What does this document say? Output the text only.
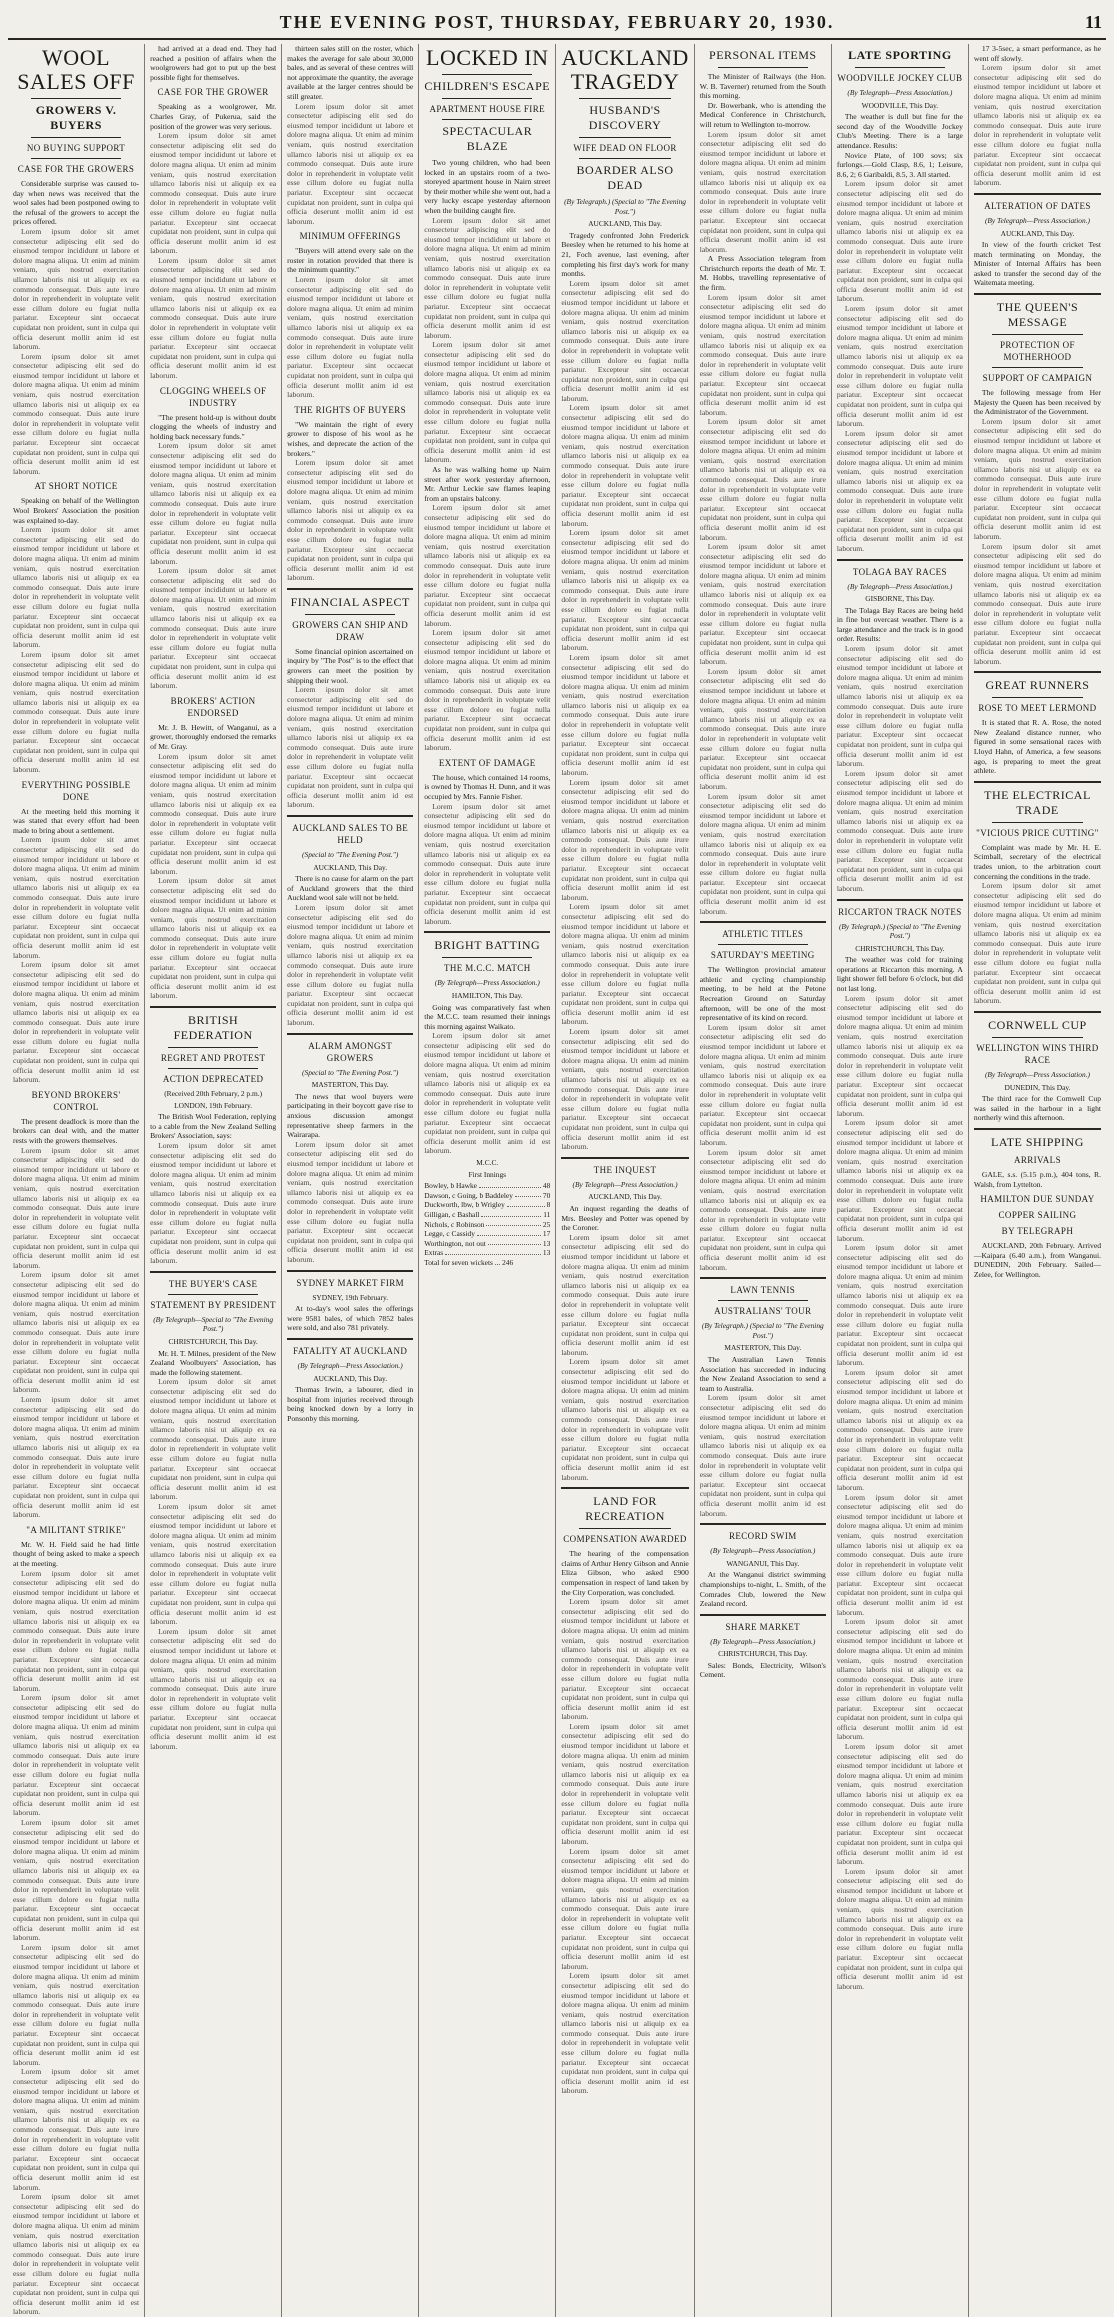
THE EVENING POST, THURSDAY, FEBRUARY 20, 1930.	11
WOOL SALES OFF
GROWERS V. BUYERS
NO BUYING SUPPORT
CASE FOR THE GROWERS

Considerable surprise was caused to-day when news was received that the wool sales had been postponed owing to the refusal of the growers to accept the prices offered.

Lorem ipsum dolor sit amet consectetur adipiscing elit sed do eiusmod tempor incididunt ut labore et dolore magna aliqua. Ut enim ad minim veniam, quis nostrud exercitation ullamco laboris nisi ut aliquip ex ea commodo consequat. Duis aute irure dolor in reprehenderit in voluptate velit esse cillum dolore eu fugiat nulla pariatur. Excepteur sint occaecat cupidatat non proident, sunt in culpa qui officia deserunt mollit anim id est laborum.

Lorem ipsum dolor sit amet consectetur adipiscing elit sed do eiusmod tempor incididunt ut labore et dolore magna aliqua. Ut enim ad minim veniam, quis nostrud exercitation ullamco laboris nisi ut aliquip ex ea commodo consequat. Duis aute irure dolor in reprehenderit in voluptate velit esse cillum dolore eu fugiat nulla pariatur. Excepteur sint occaecat cupidatat non proident, sunt in culpa qui officia deserunt mollit anim id est laborum.

AT SHORT NOTICE

Speaking on behalf of the Wellington Wool Brokers' Association the position was explained to-day.

Lorem ipsum dolor sit amet consectetur adipiscing elit sed do eiusmod tempor incididunt ut labore et dolore magna aliqua. Ut enim ad minim veniam, quis nostrud exercitation ullamco laboris nisi ut aliquip ex ea commodo consequat. Duis aute irure dolor in reprehenderit in voluptate velit esse cillum dolore eu fugiat nulla pariatur. Excepteur sint occaecat cupidatat non proident, sunt in culpa qui officia deserunt mollit anim id est laborum.

Lorem ipsum dolor sit amet consectetur adipiscing elit sed do eiusmod tempor incididunt ut labore et dolore magna aliqua. Ut enim ad minim veniam, quis nostrud exercitation ullamco laboris nisi ut aliquip ex ea commodo consequat. Duis aute irure dolor in reprehenderit in voluptate velit esse cillum dolore eu fugiat nulla pariatur. Excepteur sint occaecat cupidatat non proident, sunt in culpa qui officia deserunt mollit anim id est laborum.

EVERYTHING POSSIBLE DONE

At the meeting held this morning it was stated that every effort had been made to bring about a settlement.

Lorem ipsum dolor sit amet consectetur adipiscing elit sed do eiusmod tempor incididunt ut labore et dolore magna aliqua. Ut enim ad minim veniam, quis nostrud exercitation ullamco laboris nisi ut aliquip ex ea commodo consequat. Duis aute irure dolor in reprehenderit in voluptate velit esse cillum dolore eu fugiat nulla pariatur. Excepteur sint occaecat cupidatat non proident, sunt in culpa qui officia deserunt mollit anim id est laborum.

Lorem ipsum dolor sit amet consectetur adipiscing elit sed do eiusmod tempor incididunt ut labore et dolore magna aliqua. Ut enim ad minim veniam, quis nostrud exercitation ullamco laboris nisi ut aliquip ex ea commodo consequat. Duis aute irure dolor in reprehenderit in voluptate velit esse cillum dolore eu fugiat nulla pariatur. Excepteur sint occaecat cupidatat non proident, sunt in culpa qui officia deserunt mollit anim id est laborum.

BEYOND BROKERS' CONTROL

The present deadlock is more than the brokers can deal with, and the matter rests with the growers themselves.

Lorem ipsum dolor sit amet consectetur adipiscing elit sed do eiusmod tempor incididunt ut labore et dolore magna aliqua. Ut enim ad minim veniam, quis nostrud exercitation ullamco laboris nisi ut aliquip ex ea commodo consequat. Duis aute irure dolor in reprehenderit in voluptate velit esse cillum dolore eu fugiat nulla pariatur. Excepteur sint occaecat cupidatat non proident, sunt in culpa qui officia deserunt mollit anim id est laborum.

Lorem ipsum dolor sit amet consectetur adipiscing elit sed do eiusmod tempor incididunt ut labore et dolore magna aliqua. Ut enim ad minim veniam, quis nostrud exercitation ullamco laboris nisi ut aliquip ex ea commodo consequat. Duis aute irure dolor in reprehenderit in voluptate velit esse cillum dolore eu fugiat nulla pariatur. Excepteur sint occaecat cupidatat non proident, sunt in culpa qui officia deserunt mollit anim id est laborum.

Lorem ipsum dolor sit amet consectetur adipiscing elit sed do eiusmod tempor incididunt ut labore et dolore magna aliqua. Ut enim ad minim veniam, quis nostrud exercitation ullamco laboris nisi ut aliquip ex ea commodo consequat. Duis aute irure dolor in reprehenderit in voluptate velit esse cillum dolore eu fugiat nulla pariatur. Excepteur sint occaecat cupidatat non proident, sunt in culpa qui officia deserunt mollit anim id est laborum.

"A MILITANT STRIKE"

Mr. W. H. Field said he had little thought of being asked to make a speech at the meeting.

Lorem ipsum dolor sit amet consectetur adipiscing elit sed do eiusmod tempor incididunt ut labore et dolore magna aliqua. Ut enim ad minim veniam, quis nostrud exercitation ullamco laboris nisi ut aliquip ex ea commodo consequat. Duis aute irure dolor in reprehenderit in voluptate velit esse cillum dolore eu fugiat nulla pariatur. Excepteur sint occaecat cupidatat non proident, sunt in culpa qui officia deserunt mollit anim id est laborum.

Lorem ipsum dolor sit amet consectetur adipiscing elit sed do eiusmod tempor incididunt ut labore et dolore magna aliqua. Ut enim ad minim veniam, quis nostrud exercitation ullamco laboris nisi ut aliquip ex ea commodo consequat. Duis aute irure dolor in reprehenderit in voluptate velit esse cillum dolore eu fugiat nulla pariatur. Excepteur sint occaecat cupidatat non proident, sunt in culpa qui officia deserunt mollit anim id est laborum.

Lorem ipsum dolor sit amet consectetur adipiscing elit sed do eiusmod tempor incididunt ut labore et dolore magna aliqua. Ut enim ad minim veniam, quis nostrud exercitation ullamco laboris nisi ut aliquip ex ea commodo consequat. Duis aute irure dolor in reprehenderit in voluptate velit esse cillum dolore eu fugiat nulla pariatur. Excepteur sint occaecat cupidatat non proident, sunt in culpa qui officia deserunt mollit anim id est laborum.

Lorem ipsum dolor sit amet consectetur adipiscing elit sed do eiusmod tempor incididunt ut labore et dolore magna aliqua. Ut enim ad minim veniam, quis nostrud exercitation ullamco laboris nisi ut aliquip ex ea commodo consequat. Duis aute irure dolor in reprehenderit in voluptate velit esse cillum dolore eu fugiat nulla pariatur. Excepteur sint occaecat cupidatat non proident, sunt in culpa qui officia deserunt mollit anim id est laborum.

Lorem ipsum dolor sit amet consectetur adipiscing elit sed do eiusmod tempor incididunt ut labore et dolore magna aliqua. Ut enim ad minim veniam, quis nostrud exercitation ullamco laboris nisi ut aliquip ex ea commodo consequat. Duis aute irure dolor in reprehenderit in voluptate velit esse cillum dolore eu fugiat nulla pariatur. Excepteur sint occaecat cupidatat non proident, sunt in culpa qui officia deserunt mollit anim id est laborum.

Lorem ipsum dolor sit amet consectetur adipiscing elit sed do eiusmod tempor incididunt ut labore et dolore magna aliqua. Ut enim ad minim veniam, quis nostrud exercitation ullamco laboris nisi ut aliquip ex ea commodo consequat. Duis aute irure dolor in reprehenderit in voluptate velit esse cillum dolore eu fugiat nulla pariatur. Excepteur sint occaecat cupidatat non proident, sunt in culpa qui officia deserunt mollit anim id est laborum.

had arrived at a dead end. They had reached a position of affairs when the woolgrowers had got to put up the best possible fight for themselves.

CASE FOR THE GROWER

Speaking as a woolgrower, Mr. Charles Gray, of Pukerua, said the position of the grower was very serious.

Lorem ipsum dolor sit amet consectetur adipiscing elit sed do eiusmod tempor incididunt ut labore et dolore magna aliqua. Ut enim ad minim veniam, quis nostrud exercitation ullamco laboris nisi ut aliquip ex ea commodo consequat. Duis aute irure dolor in reprehenderit in voluptate velit esse cillum dolore eu fugiat nulla pariatur. Excepteur sint occaecat cupidatat non proident, sunt in culpa qui officia deserunt mollit anim id est laborum.

Lorem ipsum dolor sit amet consectetur adipiscing elit sed do eiusmod tempor incididunt ut labore et dolore magna aliqua. Ut enim ad minim veniam, quis nostrud exercitation ullamco laboris nisi ut aliquip ex ea commodo consequat. Duis aute irure dolor in reprehenderit in voluptate velit esse cillum dolore eu fugiat nulla pariatur. Excepteur sint occaecat cupidatat non proident, sunt in culpa qui officia deserunt mollit anim id est laborum.

CLOGGING WHEELS OF INDUSTRY

"The present hold-up is without doubt clogging the wheels of industry and holding back necessary funds."

Lorem ipsum dolor sit amet consectetur adipiscing elit sed do eiusmod tempor incididunt ut labore et dolore magna aliqua. Ut enim ad minim veniam, quis nostrud exercitation ullamco laboris nisi ut aliquip ex ea commodo consequat. Duis aute irure dolor in reprehenderit in voluptate velit esse cillum dolore eu fugiat nulla pariatur. Excepteur sint occaecat cupidatat non proident, sunt in culpa qui officia deserunt mollit anim id est laborum.

Lorem ipsum dolor sit amet consectetur adipiscing elit sed do eiusmod tempor incididunt ut labore et dolore magna aliqua. Ut enim ad minim veniam, quis nostrud exercitation ullamco laboris nisi ut aliquip ex ea commodo consequat. Duis aute irure dolor in reprehenderit in voluptate velit esse cillum dolore eu fugiat nulla pariatur. Excepteur sint occaecat cupidatat non proident, sunt in culpa qui officia deserunt mollit anim id est laborum.

BROKERS' ACTION ENDORSED

Mr. J. B. Hewitt, of Wanganui, as a grower, thoroughly endorsed the remarks of Mr. Gray.

Lorem ipsum dolor sit amet consectetur adipiscing elit sed do eiusmod tempor incididunt ut labore et dolore magna aliqua. Ut enim ad minim veniam, quis nostrud exercitation ullamco laboris nisi ut aliquip ex ea commodo consequat. Duis aute irure dolor in reprehenderit in voluptate velit esse cillum dolore eu fugiat nulla pariatur. Excepteur sint occaecat cupidatat non proident, sunt in culpa qui officia deserunt mollit anim id est laborum.

Lorem ipsum dolor sit amet consectetur adipiscing elit sed do eiusmod tempor incididunt ut labore et dolore magna aliqua. Ut enim ad minim veniam, quis nostrud exercitation ullamco laboris nisi ut aliquip ex ea commodo consequat. Duis aute irure dolor in reprehenderit in voluptate velit esse cillum dolore eu fugiat nulla pariatur. Excepteur sint occaecat cupidatat non proident, sunt in culpa qui officia deserunt mollit anim id est laborum.

BRITISH FEDERATION
REGRET AND PROTEST
ACTION DEPRECATED
(Received 20th February, 2 p.m.)
LONDON, 19th February.

The British Wool Federation, replying to a cable from the New Zealand Selling Brokers' Association, says:

Lorem ipsum dolor sit amet consectetur adipiscing elit sed do eiusmod tempor incididunt ut labore et dolore magna aliqua. Ut enim ad minim veniam, quis nostrud exercitation ullamco laboris nisi ut aliquip ex ea commodo consequat. Duis aute irure dolor in reprehenderit in voluptate velit esse cillum dolore eu fugiat nulla pariatur. Excepteur sint occaecat cupidatat non proident, sunt in culpa qui officia deserunt mollit anim id est laborum.

THE BUYER'S CASE
STATEMENT BY PRESIDENT
(By Telegraph—Special to "The Evening Post.")
CHRISTCHURCH, This Day.

Mr. H. T. Milnes, president of the New Zealand Woolbuyers' Association, has made the following statement.

Lorem ipsum dolor sit amet consectetur adipiscing elit sed do eiusmod tempor incididunt ut labore et dolore magna aliqua. Ut enim ad minim veniam, quis nostrud exercitation ullamco laboris nisi ut aliquip ex ea commodo consequat. Duis aute irure dolor in reprehenderit in voluptate velit esse cillum dolore eu fugiat nulla pariatur. Excepteur sint occaecat cupidatat non proident, sunt in culpa qui officia deserunt mollit anim id est laborum.

Lorem ipsum dolor sit amet consectetur adipiscing elit sed do eiusmod tempor incididunt ut labore et dolore magna aliqua. Ut enim ad minim veniam, quis nostrud exercitation ullamco laboris nisi ut aliquip ex ea commodo consequat. Duis aute irure dolor in reprehenderit in voluptate velit esse cillum dolore eu fugiat nulla pariatur. Excepteur sint occaecat cupidatat non proident, sunt in culpa qui officia deserunt mollit anim id est laborum.

Lorem ipsum dolor sit amet consectetur adipiscing elit sed do eiusmod tempor incididunt ut labore et dolore magna aliqua. Ut enim ad minim veniam, quis nostrud exercitation ullamco laboris nisi ut aliquip ex ea commodo consequat. Duis aute irure dolor in reprehenderit in voluptate velit esse cillum dolore eu fugiat nulla pariatur. Excepteur sint occaecat cupidatat non proident, sunt in culpa qui officia deserunt mollit anim id est laborum.

thirteen sales still on the roster, which makes the average for sale about 30,000 bales, and as several of these centres will not approximate the quantity, the average available at the larger centres should be still greater.

Lorem ipsum dolor sit amet consectetur adipiscing elit sed do eiusmod tempor incididunt ut labore et dolore magna aliqua. Ut enim ad minim veniam, quis nostrud exercitation ullamco laboris nisi ut aliquip ex ea commodo consequat. Duis aute irure dolor in reprehenderit in voluptate velit esse cillum dolore eu fugiat nulla pariatur. Excepteur sint occaecat cupidatat non proident, sunt in culpa qui officia deserunt mollit anim id est laborum.

MINIMUM OFFERINGS

"Buyers will attend every sale on the roster in rotation provided that there is the minimum quantity."

Lorem ipsum dolor sit amet consectetur adipiscing elit sed do eiusmod tempor incididunt ut labore et dolore magna aliqua. Ut enim ad minim veniam, quis nostrud exercitation ullamco laboris nisi ut aliquip ex ea commodo consequat. Duis aute irure dolor in reprehenderit in voluptate velit esse cillum dolore eu fugiat nulla pariatur. Excepteur sint occaecat cupidatat non proident, sunt in culpa qui officia deserunt mollit anim id est laborum.

THE RIGHTS OF BUYERS

"We maintain the right of every grower to dispose of his wool as he wishes, and deprecate the action of the brokers."

Lorem ipsum dolor sit amet consectetur adipiscing elit sed do eiusmod tempor incididunt ut labore et dolore magna aliqua. Ut enim ad minim veniam, quis nostrud exercitation ullamco laboris nisi ut aliquip ex ea commodo consequat. Duis aute irure dolor in reprehenderit in voluptate velit esse cillum dolore eu fugiat nulla pariatur. Excepteur sint occaecat cupidatat non proident, sunt in culpa qui officia deserunt mollit anim id est laborum.

FINANCIAL ASPECT
GROWERS CAN SHIP AND DRAW

Some financial opinion ascertained on inquiry by "The Post" is to the effect that growers can meet the position by shipping their wool.

Lorem ipsum dolor sit amet consectetur adipiscing elit sed do eiusmod tempor incididunt ut labore et dolore magna aliqua. Ut enim ad minim veniam, quis nostrud exercitation ullamco laboris nisi ut aliquip ex ea commodo consequat. Duis aute irure dolor in reprehenderit in voluptate velit esse cillum dolore eu fugiat nulla pariatur. Excepteur sint occaecat cupidatat non proident, sunt in culpa qui officia deserunt mollit anim id est laborum.

AUCKLAND SALES TO BE HELD
(Special to "The Evening Post.")
AUCKLAND, This Day.

There is no cause for alarm on the part of Auckland growers that the third Auckland wool sale will not be held.

Lorem ipsum dolor sit amet consectetur adipiscing elit sed do eiusmod tempor incididunt ut labore et dolore magna aliqua. Ut enim ad minim veniam, quis nostrud exercitation ullamco laboris nisi ut aliquip ex ea commodo consequat. Duis aute irure dolor in reprehenderit in voluptate velit esse cillum dolore eu fugiat nulla pariatur. Excepteur sint occaecat cupidatat non proident, sunt in culpa qui officia deserunt mollit anim id est laborum.

ALARM AMONGST GROWERS
(Special to "The Evening Post.")
MASTERTON, This Day.

The news that wool buyers were participating in their boycott gave rise to anxious discussion amongst representative sheep farmers in the Wairarapa.

Lorem ipsum dolor sit amet consectetur adipiscing elit sed do eiusmod tempor incididunt ut labore et dolore magna aliqua. Ut enim ad minim veniam, quis nostrud exercitation ullamco laboris nisi ut aliquip ex ea commodo consequat. Duis aute irure dolor in reprehenderit in voluptate velit esse cillum dolore eu fugiat nulla pariatur. Excepteur sint occaecat cupidatat non proident, sunt in culpa qui officia deserunt mollit anim id est laborum.

SYDNEY MARKET FIRM
SYDNEY, 19th February.

At to-day's wool sales the offerings were 9581 bales, of which 7852 bales were sold, and also 781 privately.

FATALITY AT AUCKLAND
(By Telegraph—Press Association.)
AUCKLAND, This Day.

Thomas Irwin, a labourer, died in hospital from injuries received through being knocked down by a lorry in Ponsonby this morning.

LOCKED IN
CHILDREN'S ESCAPE
APARTMENT HOUSE FIRE
SPECTACULAR BLAZE

Two young children, who had been locked in an upstairs room of a two-storeyed apartment house in Nairn street by their mother while she went out, had a very lucky escape yesterday afternoon when the building caught fire.

Lorem ipsum dolor sit amet consectetur adipiscing elit sed do eiusmod tempor incididunt ut labore et dolore magna aliqua. Ut enim ad minim veniam, quis nostrud exercitation ullamco laboris nisi ut aliquip ex ea commodo consequat. Duis aute irure dolor in reprehenderit in voluptate velit esse cillum dolore eu fugiat nulla pariatur. Excepteur sint occaecat cupidatat non proident, sunt in culpa qui officia deserunt mollit anim id est laborum.

Lorem ipsum dolor sit amet consectetur adipiscing elit sed do eiusmod tempor incididunt ut labore et dolore magna aliqua. Ut enim ad minim veniam, quis nostrud exercitation ullamco laboris nisi ut aliquip ex ea commodo consequat. Duis aute irure dolor in reprehenderit in voluptate velit esse cillum dolore eu fugiat nulla pariatur. Excepteur sint occaecat cupidatat non proident, sunt in culpa qui officia deserunt mollit anim id est laborum.

As he was walking home up Nairn street after work yesterday afternoon, Mr. Arthur Leckie saw flames leaping from an upstairs balcony.

Lorem ipsum dolor sit amet consectetur adipiscing elit sed do eiusmod tempor incididunt ut labore et dolore magna aliqua. Ut enim ad minim veniam, quis nostrud exercitation ullamco laboris nisi ut aliquip ex ea commodo consequat. Duis aute irure dolor in reprehenderit in voluptate velit esse cillum dolore eu fugiat nulla pariatur. Excepteur sint occaecat cupidatat non proident, sunt in culpa qui officia deserunt mollit anim id est laborum.

Lorem ipsum dolor sit amet consectetur adipiscing elit sed do eiusmod tempor incididunt ut labore et dolore magna aliqua. Ut enim ad minim veniam, quis nostrud exercitation ullamco laboris nisi ut aliquip ex ea commodo consequat. Duis aute irure dolor in reprehenderit in voluptate velit esse cillum dolore eu fugiat nulla pariatur. Excepteur sint occaecat cupidatat non proident, sunt in culpa qui officia deserunt mollit anim id est laborum.

EXTENT OF DAMAGE

The house, which contained 14 rooms, is owned by Thomas H. Dunn, and it was occupied by Mrs. Fannie Fisher.

Lorem ipsum dolor sit amet consectetur adipiscing elit sed do eiusmod tempor incididunt ut labore et dolore magna aliqua. Ut enim ad minim veniam, quis nostrud exercitation ullamco laboris nisi ut aliquip ex ea commodo consequat. Duis aute irure dolor in reprehenderit in voluptate velit esse cillum dolore eu fugiat nulla pariatur. Excepteur sint occaecat cupidatat non proident, sunt in culpa qui officia deserunt mollit anim id est laborum.

BRIGHT BATTING
THE M.C.C. MATCH
(By Telegraph—Press Association.)
HAMILTON, This Day.

Going was comparatively fast when the M.C.C. team resumed their innings this morning against Waikato.

Lorem ipsum dolor sit amet consectetur adipiscing elit sed do eiusmod tempor incididunt ut labore et dolore magna aliqua. Ut enim ad minim veniam, quis nostrud exercitation ullamco laboris nisi ut aliquip ex ea commodo consequat. Duis aute irure dolor in reprehenderit in voluptate velit esse cillum dolore eu fugiat nulla pariatur. Excepteur sint occaecat cupidatat non proident, sunt in culpa qui officia deserunt mollit anim id est laborum.

M.C.C.
First Innings
Bowley, b Hawke	48
Dawson, c Going, b Baddeley	70
Duckworth, lbw, b Wrigley	8
Gilligan, c Bashall	11
Nichols, c Robinson	25
Legge, c Cassidy	17
Worthington, not out	13
Extras	13
Total for seven wickets ... 246
AUCKLAND TRAGEDY
HUSBAND'S DISCOVERY
WIFE DEAD ON FLOOR
BOARDER ALSO DEAD
(By Telegraph.) (Special to "The Evening Post.")
AUCKLAND, This Day.

Tragedy confronted John Frederick Beesley when he returned to his home at 21, Foch avenue, last evening, after completing his first day's work for many months.

Lorem ipsum dolor sit amet consectetur adipiscing elit sed do eiusmod tempor incididunt ut labore et dolore magna aliqua. Ut enim ad minim veniam, quis nostrud exercitation ullamco laboris nisi ut aliquip ex ea commodo consequat. Duis aute irure dolor in reprehenderit in voluptate velit esse cillum dolore eu fugiat nulla pariatur. Excepteur sint occaecat cupidatat non proident, sunt in culpa qui officia deserunt mollit anim id est laborum.

Lorem ipsum dolor sit amet consectetur adipiscing elit sed do eiusmod tempor incididunt ut labore et dolore magna aliqua. Ut enim ad minim veniam, quis nostrud exercitation ullamco laboris nisi ut aliquip ex ea commodo consequat. Duis aute irure dolor in reprehenderit in voluptate velit esse cillum dolore eu fugiat nulla pariatur. Excepteur sint occaecat cupidatat non proident, sunt in culpa qui officia deserunt mollit anim id est laborum.

Lorem ipsum dolor sit amet consectetur adipiscing elit sed do eiusmod tempor incididunt ut labore et dolore magna aliqua. Ut enim ad minim veniam, quis nostrud exercitation ullamco laboris nisi ut aliquip ex ea commodo consequat. Duis aute irure dolor in reprehenderit in voluptate velit esse cillum dolore eu fugiat nulla pariatur. Excepteur sint occaecat cupidatat non proident, sunt in culpa qui officia deserunt mollit anim id est laborum.

Lorem ipsum dolor sit amet consectetur adipiscing elit sed do eiusmod tempor incididunt ut labore et dolore magna aliqua. Ut enim ad minim veniam, quis nostrud exercitation ullamco laboris nisi ut aliquip ex ea commodo consequat. Duis aute irure dolor in reprehenderit in voluptate velit esse cillum dolore eu fugiat nulla pariatur. Excepteur sint occaecat cupidatat non proident, sunt in culpa qui officia deserunt mollit anim id est laborum.

Lorem ipsum dolor sit amet consectetur adipiscing elit sed do eiusmod tempor incididunt ut labore et dolore magna aliqua. Ut enim ad minim veniam, quis nostrud exercitation ullamco laboris nisi ut aliquip ex ea commodo consequat. Duis aute irure dolor in reprehenderit in voluptate velit esse cillum dolore eu fugiat nulla pariatur. Excepteur sint occaecat cupidatat non proident, sunt in culpa qui officia deserunt mollit anim id est laborum.

Lorem ipsum dolor sit amet consectetur adipiscing elit sed do eiusmod tempor incididunt ut labore et dolore magna aliqua. Ut enim ad minim veniam, quis nostrud exercitation ullamco laboris nisi ut aliquip ex ea commodo consequat. Duis aute irure dolor in reprehenderit in voluptate velit esse cillum dolore eu fugiat nulla pariatur. Excepteur sint occaecat cupidatat non proident, sunt in culpa qui officia deserunt mollit anim id est laborum.

Lorem ipsum dolor sit amet consectetur adipiscing elit sed do eiusmod tempor incididunt ut labore et dolore magna aliqua. Ut enim ad minim veniam, quis nostrud exercitation ullamco laboris nisi ut aliquip ex ea commodo consequat. Duis aute irure dolor in reprehenderit in voluptate velit esse cillum dolore eu fugiat nulla pariatur. Excepteur sint occaecat cupidatat non proident, sunt in culpa qui officia deserunt mollit anim id est laborum.

THE INQUEST
(By Telegraph—Press Association.)
AUCKLAND, This Day.

An inquest regarding the deaths of Mrs. Beesley and Potter was opened by the Coroner.

Lorem ipsum dolor sit amet consectetur adipiscing elit sed do eiusmod tempor incididunt ut labore et dolore magna aliqua. Ut enim ad minim veniam, quis nostrud exercitation ullamco laboris nisi ut aliquip ex ea commodo consequat. Duis aute irure dolor in reprehenderit in voluptate velit esse cillum dolore eu fugiat nulla pariatur. Excepteur sint occaecat cupidatat non proident, sunt in culpa qui officia deserunt mollit anim id est laborum.

Lorem ipsum dolor sit amet consectetur adipiscing elit sed do eiusmod tempor incididunt ut labore et dolore magna aliqua. Ut enim ad minim veniam, quis nostrud exercitation ullamco laboris nisi ut aliquip ex ea commodo consequat. Duis aute irure dolor in reprehenderit in voluptate velit esse cillum dolore eu fugiat nulla pariatur. Excepteur sint occaecat cupidatat non proident, sunt in culpa qui officia deserunt mollit anim id est laborum.

LAND FOR RECREATION
COMPENSATION AWARDED

The hearing of the compensation claims of Arthur Henry Gibson and Annie Eliza Gibson, who asked £900 compensation in respect of land taken by the City Corporation, was concluded.

Lorem ipsum dolor sit amet consectetur adipiscing elit sed do eiusmod tempor incididunt ut labore et dolore magna aliqua. Ut enim ad minim veniam, quis nostrud exercitation ullamco laboris nisi ut aliquip ex ea commodo consequat. Duis aute irure dolor in reprehenderit in voluptate velit esse cillum dolore eu fugiat nulla pariatur. Excepteur sint occaecat cupidatat non proident, sunt in culpa qui officia deserunt mollit anim id est laborum.

Lorem ipsum dolor sit amet consectetur adipiscing elit sed do eiusmod tempor incididunt ut labore et dolore magna aliqua. Ut enim ad minim veniam, quis nostrud exercitation ullamco laboris nisi ut aliquip ex ea commodo consequat. Duis aute irure dolor in reprehenderit in voluptate velit esse cillum dolore eu fugiat nulla pariatur. Excepteur sint occaecat cupidatat non proident, sunt in culpa qui officia deserunt mollit anim id est laborum.

Lorem ipsum dolor sit amet consectetur adipiscing elit sed do eiusmod tempor incididunt ut labore et dolore magna aliqua. Ut enim ad minim veniam, quis nostrud exercitation ullamco laboris nisi ut aliquip ex ea commodo consequat. Duis aute irure dolor in reprehenderit in voluptate velit esse cillum dolore eu fugiat nulla pariatur. Excepteur sint occaecat cupidatat non proident, sunt in culpa qui officia deserunt mollit anim id est laborum.

Lorem ipsum dolor sit amet consectetur adipiscing elit sed do eiusmod tempor incididunt ut labore et dolore magna aliqua. Ut enim ad minim veniam, quis nostrud exercitation ullamco laboris nisi ut aliquip ex ea commodo consequat. Duis aute irure dolor in reprehenderit in voluptate velit esse cillum dolore eu fugiat nulla pariatur. Excepteur sint occaecat cupidatat non proident, sunt in culpa qui officia deserunt mollit anim id est laborum.

PERSONAL ITEMS

The Minister of Railways (the Hon. W. B. Taverner) returned from the South this morning.

Dr. Bowerbank, who is attending the Medical Conference in Christchurch, will return to Wellington to-morrow.

Lorem ipsum dolor sit amet consectetur adipiscing elit sed do eiusmod tempor incididunt ut labore et dolore magna aliqua. Ut enim ad minim veniam, quis nostrud exercitation ullamco laboris nisi ut aliquip ex ea commodo consequat. Duis aute irure dolor in reprehenderit in voluptate velit esse cillum dolore eu fugiat nulla pariatur. Excepteur sint occaecat cupidatat non proident, sunt in culpa qui officia deserunt mollit anim id est laborum.

A Press Association telegram from Christchurch reports the death of Mr. T. M. Hobbs, travelling representative of the firm.

Lorem ipsum dolor sit amet consectetur adipiscing elit sed do eiusmod tempor incididunt ut labore et dolore magna aliqua. Ut enim ad minim veniam, quis nostrud exercitation ullamco laboris nisi ut aliquip ex ea commodo consequat. Duis aute irure dolor in reprehenderit in voluptate velit esse cillum dolore eu fugiat nulla pariatur. Excepteur sint occaecat cupidatat non proident, sunt in culpa qui officia deserunt mollit anim id est laborum.

Lorem ipsum dolor sit amet consectetur adipiscing elit sed do eiusmod tempor incididunt ut labore et dolore magna aliqua. Ut enim ad minim veniam, quis nostrud exercitation ullamco laboris nisi ut aliquip ex ea commodo consequat. Duis aute irure dolor in reprehenderit in voluptate velit esse cillum dolore eu fugiat nulla pariatur. Excepteur sint occaecat cupidatat non proident, sunt in culpa qui officia deserunt mollit anim id est laborum.

Lorem ipsum dolor sit amet consectetur adipiscing elit sed do eiusmod tempor incididunt ut labore et dolore magna aliqua. Ut enim ad minim veniam, quis nostrud exercitation ullamco laboris nisi ut aliquip ex ea commodo consequat. Duis aute irure dolor in reprehenderit in voluptate velit esse cillum dolore eu fugiat nulla pariatur. Excepteur sint occaecat cupidatat non proident, sunt in culpa qui officia deserunt mollit anim id est laborum.

Lorem ipsum dolor sit amet consectetur adipiscing elit sed do eiusmod tempor incididunt ut labore et dolore magna aliqua. Ut enim ad minim veniam, quis nostrud exercitation ullamco laboris nisi ut aliquip ex ea commodo consequat. Duis aute irure dolor in reprehenderit in voluptate velit esse cillum dolore eu fugiat nulla pariatur. Excepteur sint occaecat cupidatat non proident, sunt in culpa qui officia deserunt mollit anim id est laborum.

Lorem ipsum dolor sit amet consectetur adipiscing elit sed do eiusmod tempor incididunt ut labore et dolore magna aliqua. Ut enim ad minim veniam, quis nostrud exercitation ullamco laboris nisi ut aliquip ex ea commodo consequat. Duis aute irure dolor in reprehenderit in voluptate velit esse cillum dolore eu fugiat nulla pariatur. Excepteur sint occaecat cupidatat non proident, sunt in culpa qui officia deserunt mollit anim id est laborum.

ATHLETIC TITLES
SATURDAY'S MEETING

The Wellington provincial amateur athletic and cycling championship meeting, to be held at the Petone Recreation Ground on Saturday afternoon, will be one of the most representative of its kind on record.

Lorem ipsum dolor sit amet consectetur adipiscing elit sed do eiusmod tempor incididunt ut labore et dolore magna aliqua. Ut enim ad minim veniam, quis nostrud exercitation ullamco laboris nisi ut aliquip ex ea commodo consequat. Duis aute irure dolor in reprehenderit in voluptate velit esse cillum dolore eu fugiat nulla pariatur. Excepteur sint occaecat cupidatat non proident, sunt in culpa qui officia deserunt mollit anim id est laborum.

Lorem ipsum dolor sit amet consectetur adipiscing elit sed do eiusmod tempor incididunt ut labore et dolore magna aliqua. Ut enim ad minim veniam, quis nostrud exercitation ullamco laboris nisi ut aliquip ex ea commodo consequat. Duis aute irure dolor in reprehenderit in voluptate velit esse cillum dolore eu fugiat nulla pariatur. Excepteur sint occaecat cupidatat non proident, sunt in culpa qui officia deserunt mollit anim id est laborum.

LAWN TENNIS
AUSTRALIANS' TOUR
(By Telegraph.) (Special to "The Evening Post.")
MASTERTON, This Day.

The Australian Lawn Tennis Association has succeeded in inducing the New Zealand Association to send a team to Australia.

Lorem ipsum dolor sit amet consectetur adipiscing elit sed do eiusmod tempor incididunt ut labore et dolore magna aliqua. Ut enim ad minim veniam, quis nostrud exercitation ullamco laboris nisi ut aliquip ex ea commodo consequat. Duis aute irure dolor in reprehenderit in voluptate velit esse cillum dolore eu fugiat nulla pariatur. Excepteur sint occaecat cupidatat non proident, sunt in culpa qui officia deserunt mollit anim id est laborum.

RECORD SWIM
(By Telegraph—Press Association.)
WANGANUI, This Day.

At the Wanganui district swimming championships to-night, L. Smith, of the Comrades Club, lowered the New Zealand record.

SHARE MARKET
(By Telegraph—Press Association.)
CHRISTCHURCH, This Day.

Sales: Bonds, Electricity, Wilson's Cement.

LATE SPORTING
WOODVILLE JOCKEY CLUB
(By Telegraph—Press Association.)
WOODVILLE, This Day.

The weather is dull but fine for the second day of the Woodville Jockey Club's Meeting. There is a large attendance. Results:

Novice Plate, of 100 sovs; six furlongs.—Gold Clasp, 8.6, 1; Leisure, 8.6, 2; 6 Garibaldi, 8.5, 3. All started.

Lorem ipsum dolor sit amet consectetur adipiscing elit sed do eiusmod tempor incididunt ut labore et dolore magna aliqua. Ut enim ad minim veniam, quis nostrud exercitation ullamco laboris nisi ut aliquip ex ea commodo consequat. Duis aute irure dolor in reprehenderit in voluptate velit esse cillum dolore eu fugiat nulla pariatur. Excepteur sint occaecat cupidatat non proident, sunt in culpa qui officia deserunt mollit anim id est laborum.

Lorem ipsum dolor sit amet consectetur adipiscing elit sed do eiusmod tempor incididunt ut labore et dolore magna aliqua. Ut enim ad minim veniam, quis nostrud exercitation ullamco laboris nisi ut aliquip ex ea commodo consequat. Duis aute irure dolor in reprehenderit in voluptate velit esse cillum dolore eu fugiat nulla pariatur. Excepteur sint occaecat cupidatat non proident, sunt in culpa qui officia deserunt mollit anim id est laborum.

Lorem ipsum dolor sit amet consectetur adipiscing elit sed do eiusmod tempor incididunt ut labore et dolore magna aliqua. Ut enim ad minim veniam, quis nostrud exercitation ullamco laboris nisi ut aliquip ex ea commodo consequat. Duis aute irure dolor in reprehenderit in voluptate velit esse cillum dolore eu fugiat nulla pariatur. Excepteur sint occaecat cupidatat non proident, sunt in culpa qui officia deserunt mollit anim id est laborum.

TOLAGA BAY RACES
(By Telegraph—Press Association.)
GISBORNE, This Day.

The Tolaga Bay Races are being held in fine but overcast weather. There is a large attendance and the track is in good order. Results:

Lorem ipsum dolor sit amet consectetur adipiscing elit sed do eiusmod tempor incididunt ut labore et dolore magna aliqua. Ut enim ad minim veniam, quis nostrud exercitation ullamco laboris nisi ut aliquip ex ea commodo consequat. Duis aute irure dolor in reprehenderit in voluptate velit esse cillum dolore eu fugiat nulla pariatur. Excepteur sint occaecat cupidatat non proident, sunt in culpa qui officia deserunt mollit anim id est laborum.

Lorem ipsum dolor sit amet consectetur adipiscing elit sed do eiusmod tempor incididunt ut labore et dolore magna aliqua. Ut enim ad minim veniam, quis nostrud exercitation ullamco laboris nisi ut aliquip ex ea commodo consequat. Duis aute irure dolor in reprehenderit in voluptate velit esse cillum dolore eu fugiat nulla pariatur. Excepteur sint occaecat cupidatat non proident, sunt in culpa qui officia deserunt mollit anim id est laborum.

RICCARTON TRACK NOTES
(By Telegraph.) (Special to "The Evening Post.")
CHRISTCHURCH, This Day.

The weather was cold for training operations at Riccarton this morning. A light shower fell before 6 o'clock, but did not last long.

Lorem ipsum dolor sit amet consectetur adipiscing elit sed do eiusmod tempor incididunt ut labore et dolore magna aliqua. Ut enim ad minim veniam, quis nostrud exercitation ullamco laboris nisi ut aliquip ex ea commodo consequat. Duis aute irure dolor in reprehenderit in voluptate velit esse cillum dolore eu fugiat nulla pariatur. Excepteur sint occaecat cupidatat non proident, sunt in culpa qui officia deserunt mollit anim id est laborum.

Lorem ipsum dolor sit amet consectetur adipiscing elit sed do eiusmod tempor incididunt ut labore et dolore magna aliqua. Ut enim ad minim veniam, quis nostrud exercitation ullamco laboris nisi ut aliquip ex ea commodo consequat. Duis aute irure dolor in reprehenderit in voluptate velit esse cillum dolore eu fugiat nulla pariatur. Excepteur sint occaecat cupidatat non proident, sunt in culpa qui officia deserunt mollit anim id est laborum.

Lorem ipsum dolor sit amet consectetur adipiscing elit sed do eiusmod tempor incididunt ut labore et dolore magna aliqua. Ut enim ad minim veniam, quis nostrud exercitation ullamco laboris nisi ut aliquip ex ea commodo consequat. Duis aute irure dolor in reprehenderit in voluptate velit esse cillum dolore eu fugiat nulla pariatur. Excepteur sint occaecat cupidatat non proident, sunt in culpa qui officia deserunt mollit anim id est laborum.

Lorem ipsum dolor sit amet consectetur adipiscing elit sed do eiusmod tempor incididunt ut labore et dolore magna aliqua. Ut enim ad minim veniam, quis nostrud exercitation ullamco laboris nisi ut aliquip ex ea commodo consequat. Duis aute irure dolor in reprehenderit in voluptate velit esse cillum dolore eu fugiat nulla pariatur. Excepteur sint occaecat cupidatat non proident, sunt in culpa qui officia deserunt mollit anim id est laborum.

Lorem ipsum dolor sit amet consectetur adipiscing elit sed do eiusmod tempor incididunt ut labore et dolore magna aliqua. Ut enim ad minim veniam, quis nostrud exercitation ullamco laboris nisi ut aliquip ex ea commodo consequat. Duis aute irure dolor in reprehenderit in voluptate velit esse cillum dolore eu fugiat nulla pariatur. Excepteur sint occaecat cupidatat non proident, sunt in culpa qui officia deserunt mollit anim id est laborum.

Lorem ipsum dolor sit amet consectetur adipiscing elit sed do eiusmod tempor incididunt ut labore et dolore magna aliqua. Ut enim ad minim veniam, quis nostrud exercitation ullamco laboris nisi ut aliquip ex ea commodo consequat. Duis aute irure dolor in reprehenderit in voluptate velit esse cillum dolore eu fugiat nulla pariatur. Excepteur sint occaecat cupidatat non proident, sunt in culpa qui officia deserunt mollit anim id est laborum.

Lorem ipsum dolor sit amet consectetur adipiscing elit sed do eiusmod tempor incididunt ut labore et dolore magna aliqua. Ut enim ad minim veniam, quis nostrud exercitation ullamco laboris nisi ut aliquip ex ea commodo consequat. Duis aute irure dolor in reprehenderit in voluptate velit esse cillum dolore eu fugiat nulla pariatur. Excepteur sint occaecat cupidatat non proident, sunt in culpa qui officia deserunt mollit anim id est laborum.

Lorem ipsum dolor sit amet consectetur adipiscing elit sed do eiusmod tempor incididunt ut labore et dolore magna aliqua. Ut enim ad minim veniam, quis nostrud exercitation ullamco laboris nisi ut aliquip ex ea commodo consequat. Duis aute irure dolor in reprehenderit in voluptate velit esse cillum dolore eu fugiat nulla pariatur. Excepteur sint occaecat cupidatat non proident, sunt in culpa qui officia deserunt mollit anim id est laborum.

17 3-5sec, a smart performance, as he went off slowly.

Lorem ipsum dolor sit amet consectetur adipiscing elit sed do eiusmod tempor incididunt ut labore et dolore magna aliqua. Ut enim ad minim veniam, quis nostrud exercitation ullamco laboris nisi ut aliquip ex ea commodo consequat. Duis aute irure dolor in reprehenderit in voluptate velit esse cillum dolore eu fugiat nulla pariatur. Excepteur sint occaecat cupidatat non proident, sunt in culpa qui officia deserunt mollit anim id est laborum.

ALTERATION OF DATES
(By Telegraph—Press Association.)
AUCKLAND, This Day.

In view of the fourth cricket Test match terminating on Monday, the Minister of Internal Affairs has been asked to transfer the second day of the Waitemata meeting.

THE QUEEN'S MESSAGE
PROTECTION OF MOTHERHOOD
SUPPORT OF CAMPAIGN

The following message from Her Majesty the Queen has been received by the Administrator of the Government.

Lorem ipsum dolor sit amet consectetur adipiscing elit sed do eiusmod tempor incididunt ut labore et dolore magna aliqua. Ut enim ad minim veniam, quis nostrud exercitation ullamco laboris nisi ut aliquip ex ea commodo consequat. Duis aute irure dolor in reprehenderit in voluptate velit esse cillum dolore eu fugiat nulla pariatur. Excepteur sint occaecat cupidatat non proident, sunt in culpa qui officia deserunt mollit anim id est laborum.

Lorem ipsum dolor sit amet consectetur adipiscing elit sed do eiusmod tempor incididunt ut labore et dolore magna aliqua. Ut enim ad minim veniam, quis nostrud exercitation ullamco laboris nisi ut aliquip ex ea commodo consequat. Duis aute irure dolor in reprehenderit in voluptate velit esse cillum dolore eu fugiat nulla pariatur. Excepteur sint occaecat cupidatat non proident, sunt in culpa qui officia deserunt mollit anim id est laborum.

GREAT RUNNERS
ROSE TO MEET LERMOND

It is stated that R. A. Rose, the noted New Zealand distance runner, who figured in some sensational races with Lloyd Hahn, of America, a few seasons ago, is preparing to meet the great athlete.

THE ELECTRICAL TRADE
"VICIOUS PRICE CUTTING"

Complaint was made by Mr. H. E. Scimball, secretary of the electrical trades union, to the arbitration court concerning the conditions in the trade.

Lorem ipsum dolor sit amet consectetur adipiscing elit sed do eiusmod tempor incididunt ut labore et dolore magna aliqua. Ut enim ad minim veniam, quis nostrud exercitation ullamco laboris nisi ut aliquip ex ea commodo consequat. Duis aute irure dolor in reprehenderit in voluptate velit esse cillum dolore eu fugiat nulla pariatur. Excepteur sint occaecat cupidatat non proident, sunt in culpa qui officia deserunt mollit anim id est laborum.

CORNWELL CUP
WELLINGTON WINS THIRD RACE
(By Telegraph—Press Association.)
DUNEDIN, This Day.

The third race for the Cornwell Cup was sailed in the harbour in a light northerly wind this afternoon.

LATE SHIPPING
ARRIVALS

GALE, s.s. (5.15 p.m.), 404 tons, R. Walsh, from Lyttelton.

HAMILTON DUE SUNDAY
COPPER SAILING
BY TELEGRAPH

AUCKLAND, 20th February. Arrived—Kaipara (6.40 a.m.), from Wanganui. DUNEDIN, 20th February. Sailed—Zelee, for Wellington.
